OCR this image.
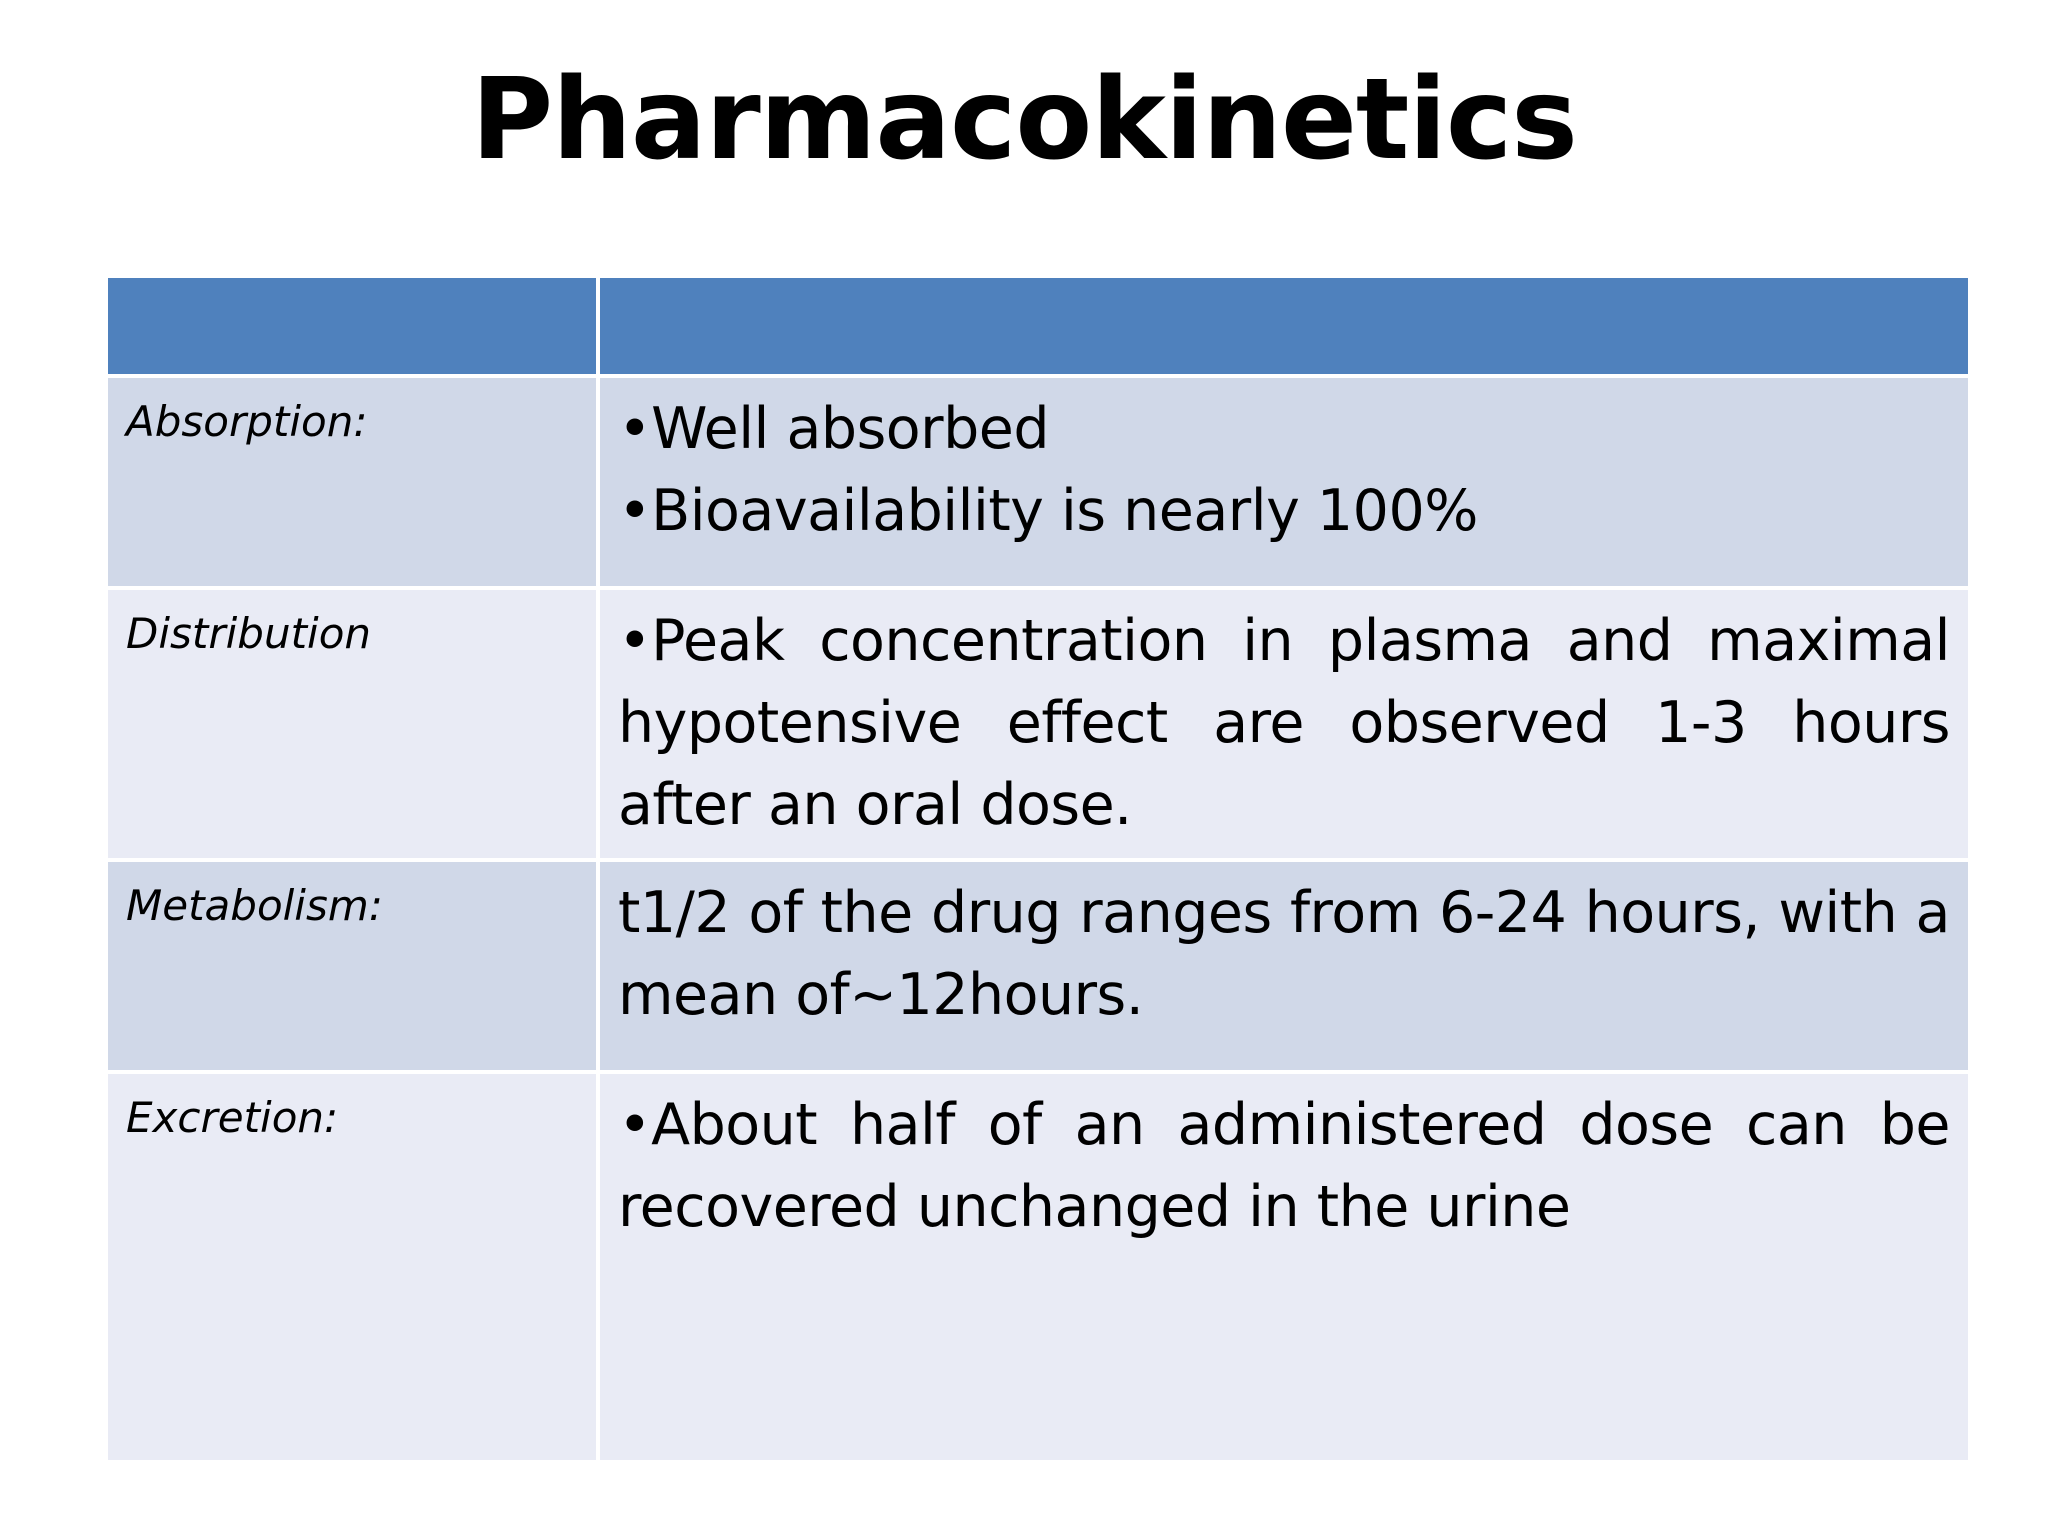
Pharmacokinetics

Absorption:	•Well absorbed
•Bioavailability is nearly 100%

Distribution	•Peak concentration in plasma and maximal hypotensive effect are observed 1-3 hours after an oral dose.

Metabolism:	t1/2 of the drug ranges from 6-24 hours, with a mean of~12hours.

Excretion:	•About half of an administered dose can be recovered unchanged in the urine
